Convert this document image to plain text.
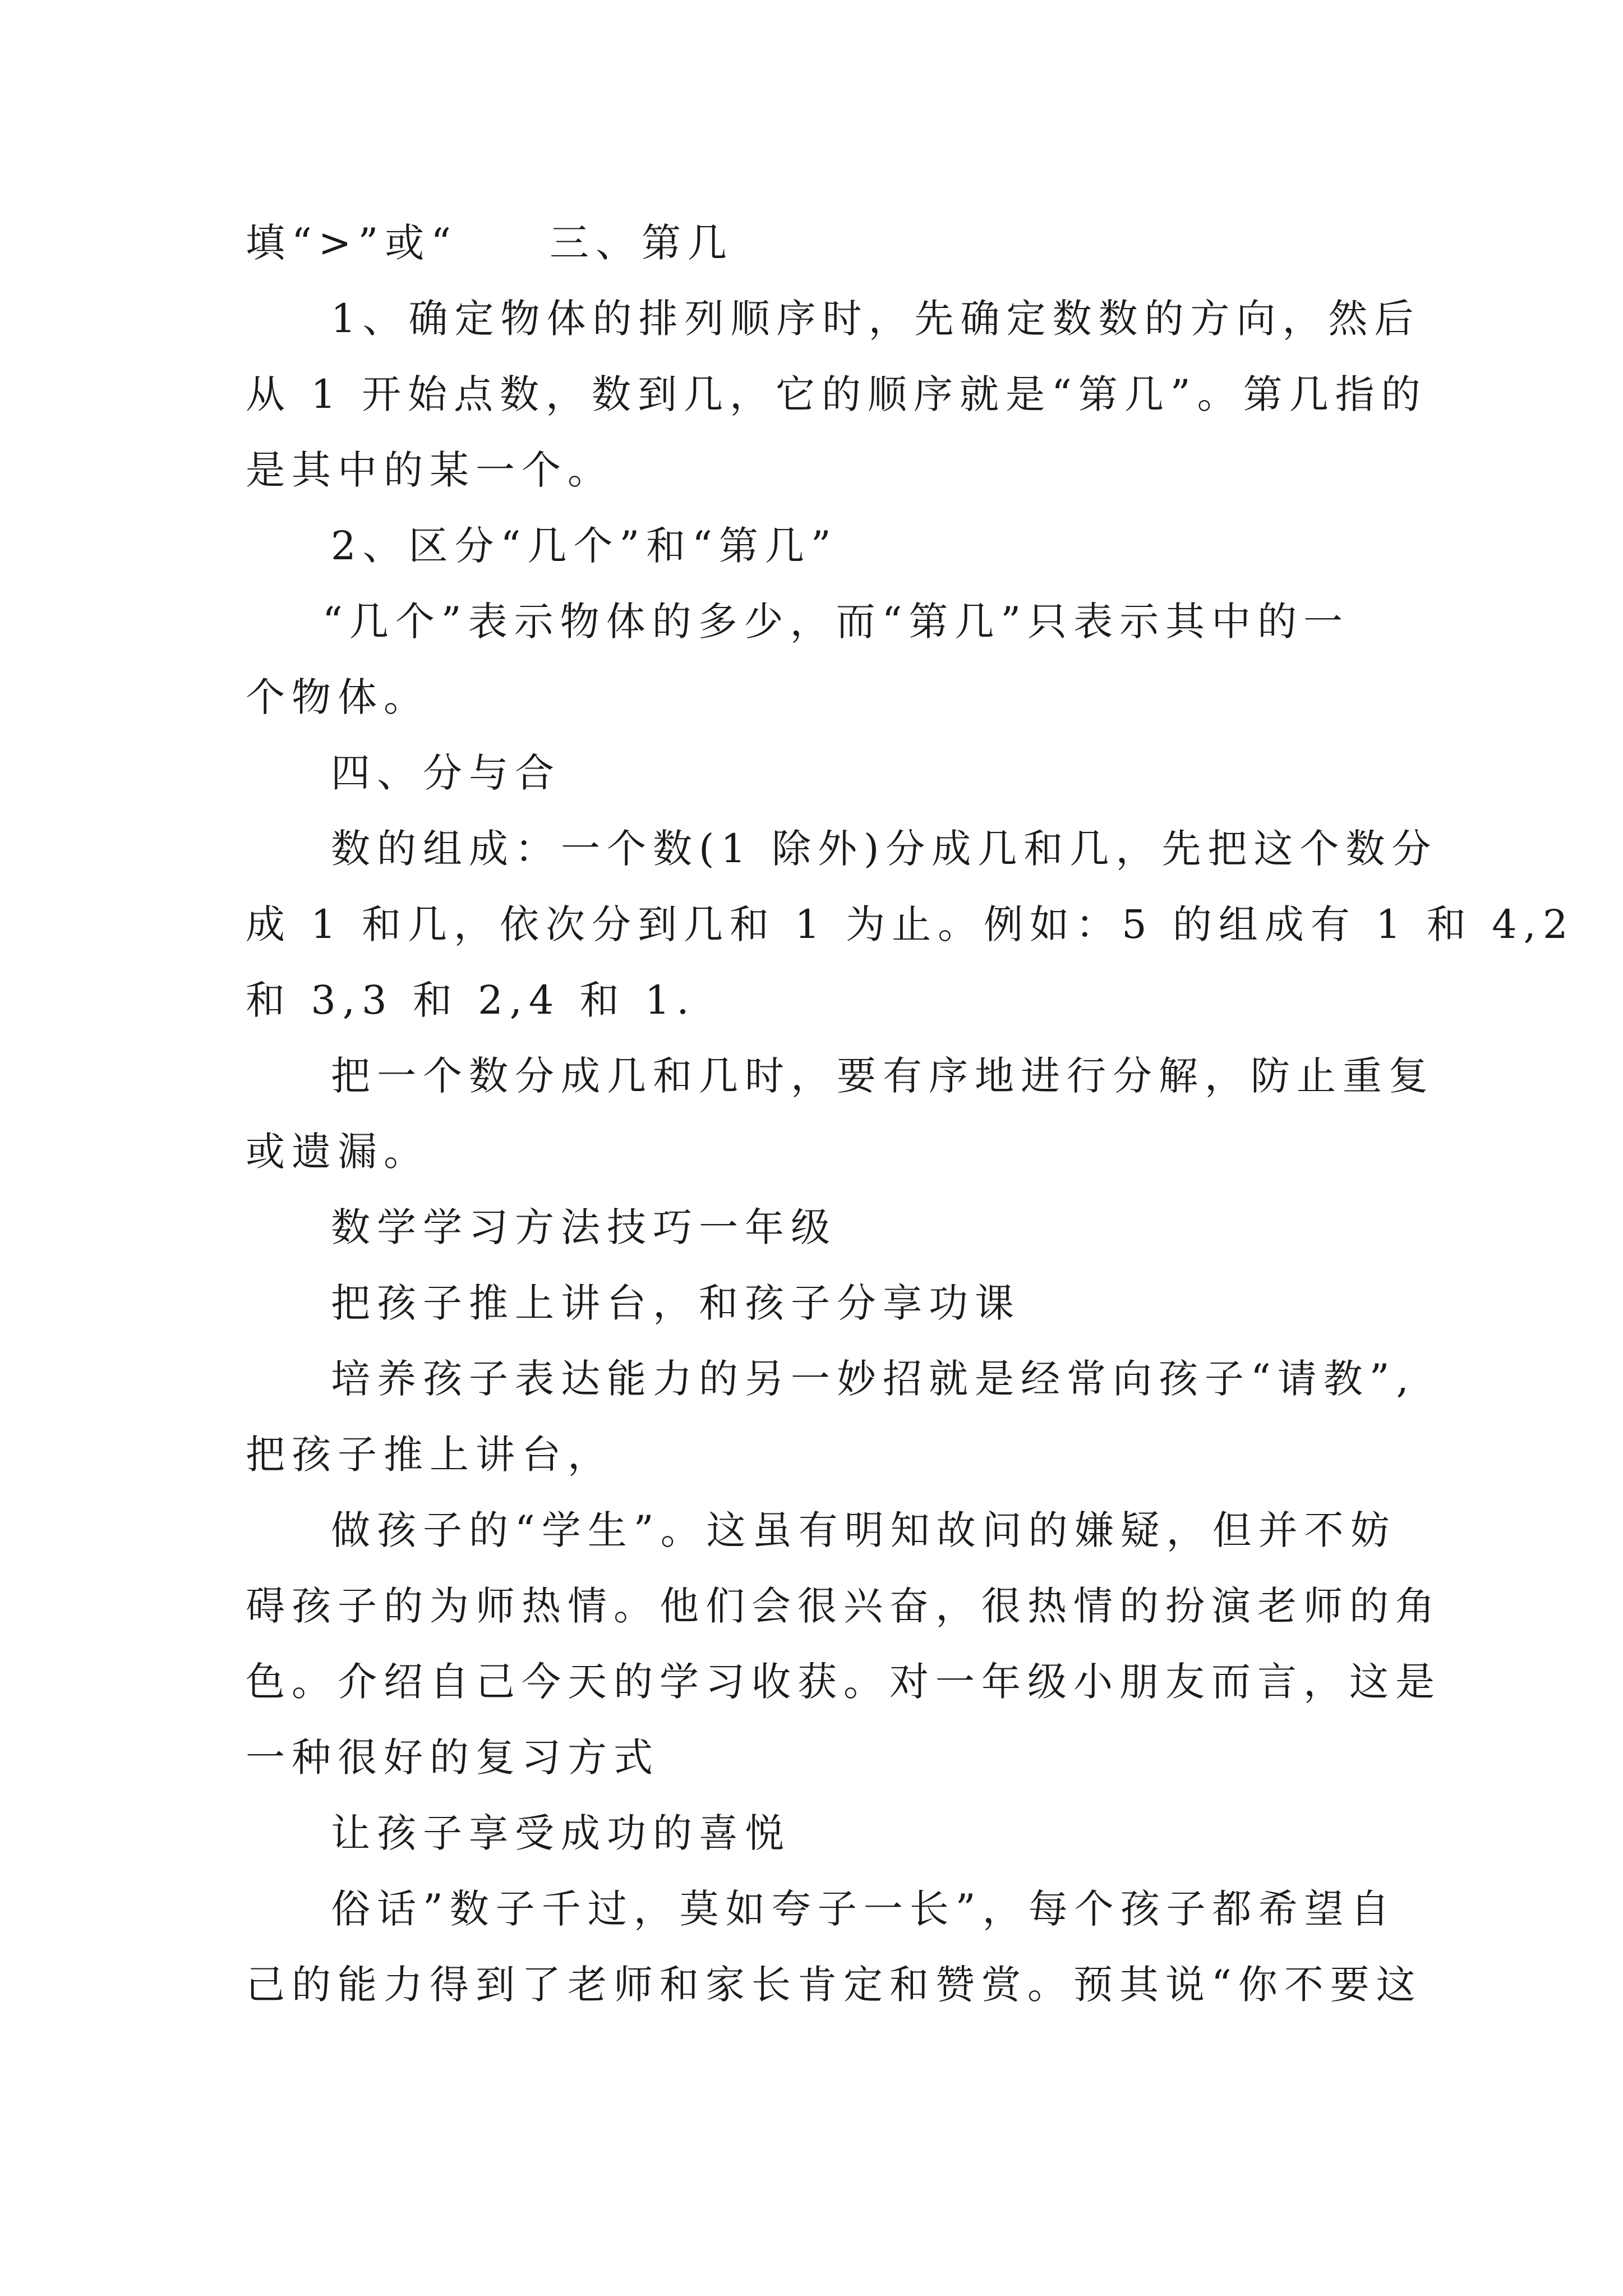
填“>”或“　　三、第几
1、确定物体的排列顺序时，先确定数数的方向，然后
从 1 开始点数，数到几，它的顺序就是“第几”。第几指的
是其中的某一个。
2、区分“几个”和“第几”
“几个”表示物体的多少，而“第几”只表示其中的一
个物体。
四、分与合
数的组成：一个数(1 除外)分成几和几，先把这个数分
成 1 和几，依次分到几和 1 为止。例如：5 的组成有 1 和 4,2
和 3,3 和 2,4 和 1.
把一个数分成几和几时，要有序地进行分解，防止重复
或遗漏。
数学学习方法技巧一年级
把孩子推上讲台，和孩子分享功课
培养孩子表达能力的另一妙招就是经常向孩子“请教”,
把孩子推上讲台，
做孩子的“学生”。这虽有明知故问的嫌疑，但并不妨
碍孩子的为师热情。他们会很兴奋，很热情的扮演老师的角
色。介绍自己今天的学习收获。对一年级小朋友而言，这是
一种很好的复习方式
让孩子享受成功的喜悦
俗话”数子千过，莫如夸子一长”，每个孩子都希望自
己的能力得到了老师和家长肯定和赞赏。预其说“你不要这
